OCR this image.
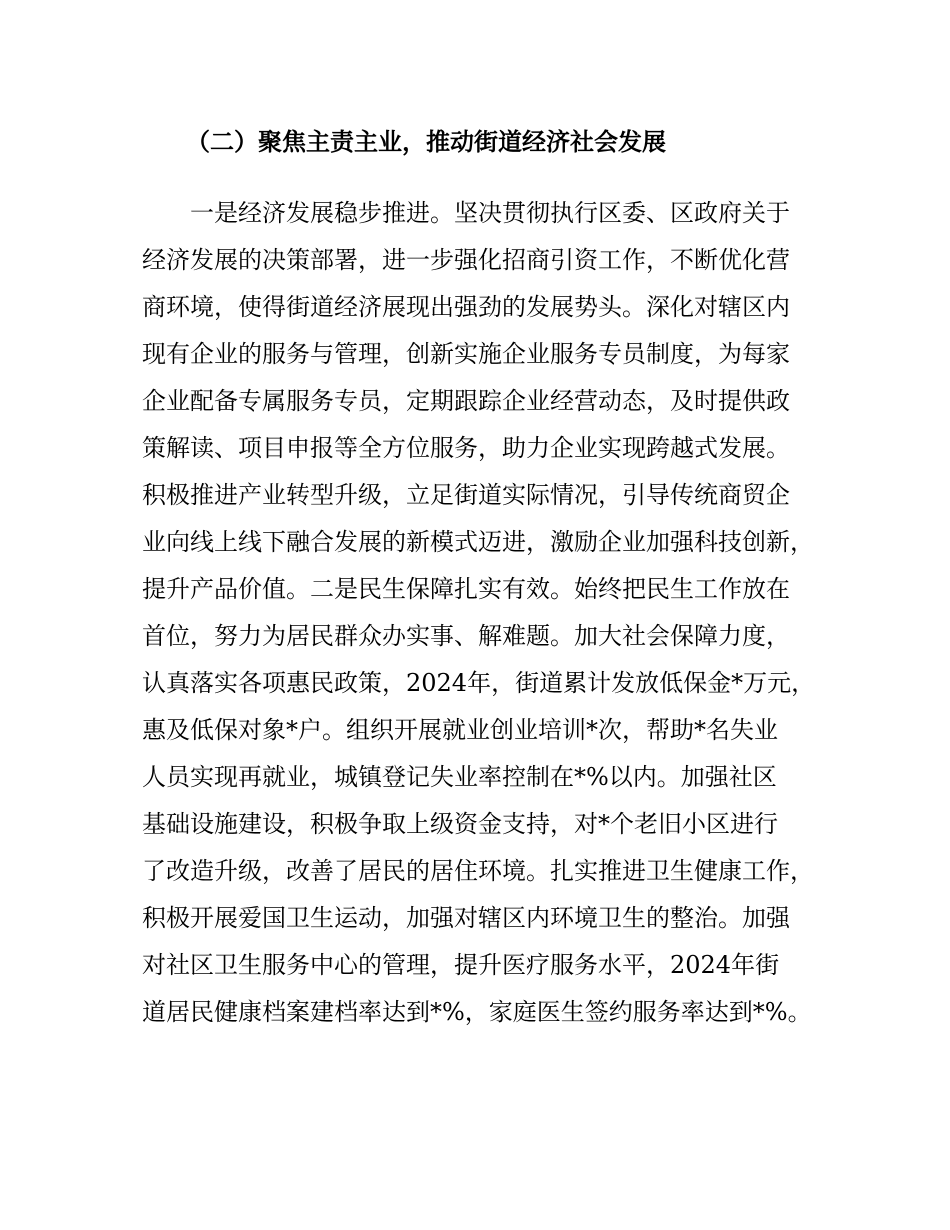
（二）聚焦主责主业，推动街道经济社会发展
一是经济发展稳步推进。坚决贯彻执行区委、区政府关于
经济发展的决策部署，进一步强化招商引资工作，不断优化营
商环境，使得街道经济展现出强劲的发展势头。深化对辖区内
现有企业的服务与管理，创新实施企业服务专员制度，为每家
企业配备专属服务专员，定期跟踪企业经营动态，及时提供政
策解读、项目申报等全方位服务，助力企业实现跨越式发展。
积极推进产业转型升级，立足街道实际情况，引导传统商贸企
业向线上线下融合发展的新模式迈进，激励企业加强科技创新，
提升产品价值。二是民生保障扎实有效。始终把民生工作放在
首位，努力为居民群众办实事、解难题。加大社会保障力度，
认真落实各项惠民政策，2024年，街道累计发放低保金*万元，
惠及低保对象*户。组织开展就业创业培训*次，帮助*名失业
人员实现再就业，城镇登记失业率控制在*%以内。加强社区
基础设施建设，积极争取上级资金支持，对*个老旧小区进行
了改造升级，改善了居民的居住环境。扎实推进卫生健康工作，
积极开展爱国卫生运动，加强对辖区内环境卫生的整治。加强
对社区卫生服务中心的管理，提升医疗服务水平，2024年街
道居民健康档案建档率达到*%，家庭医生签约服务率达到*%。
